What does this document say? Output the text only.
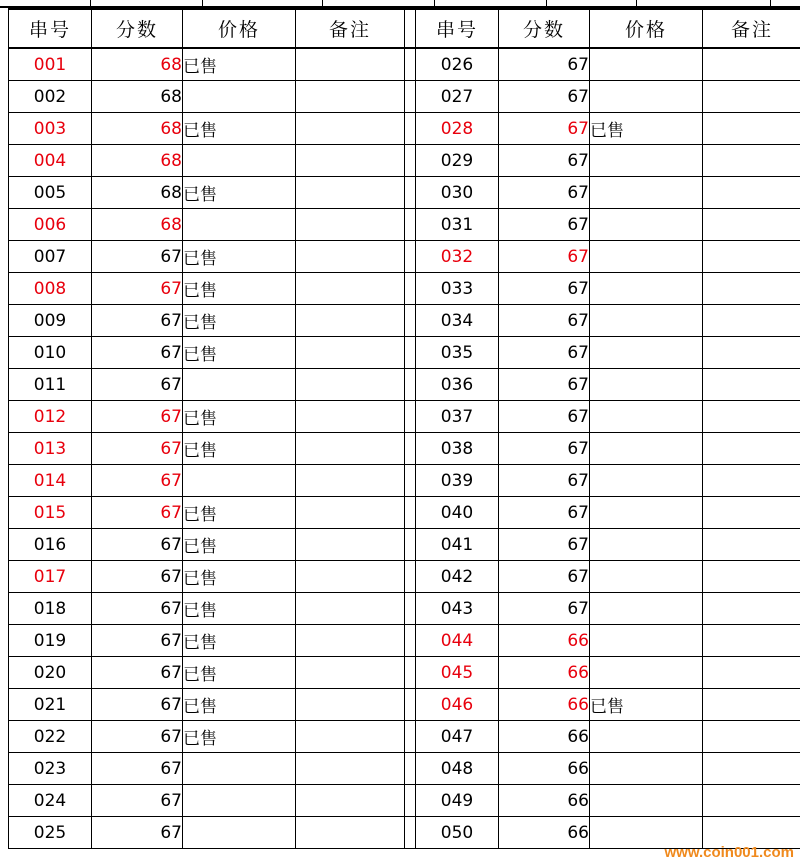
串号	分数	价格	备注		串号	分数	价格	备注
001	68	已售			026	67		
002	68				027	67		
003	68	已售			028	67	已售	
004	68				029	67		
005	68	已售			030	67		
006	68				031	67		
007	67	已售			032	67		
008	67	已售			033	67		
009	67	已售			034	67		
010	67	已售			035	67		
011	67				036	67		
012	67	已售			037	67		
013	67	已售			038	67		
014	67				039	67		
015	67	已售			040	67		
016	67	已售			041	67		
017	67	已售			042	67		
018	67	已售			043	67		
019	67	已售			044	66		
020	67	已售			045	66		
021	67	已售			046	66	已售	
022	67	已售			047	66		
023	67				048	66		
024	67				049	66		
025	67				050	66		
www.coin001.com
